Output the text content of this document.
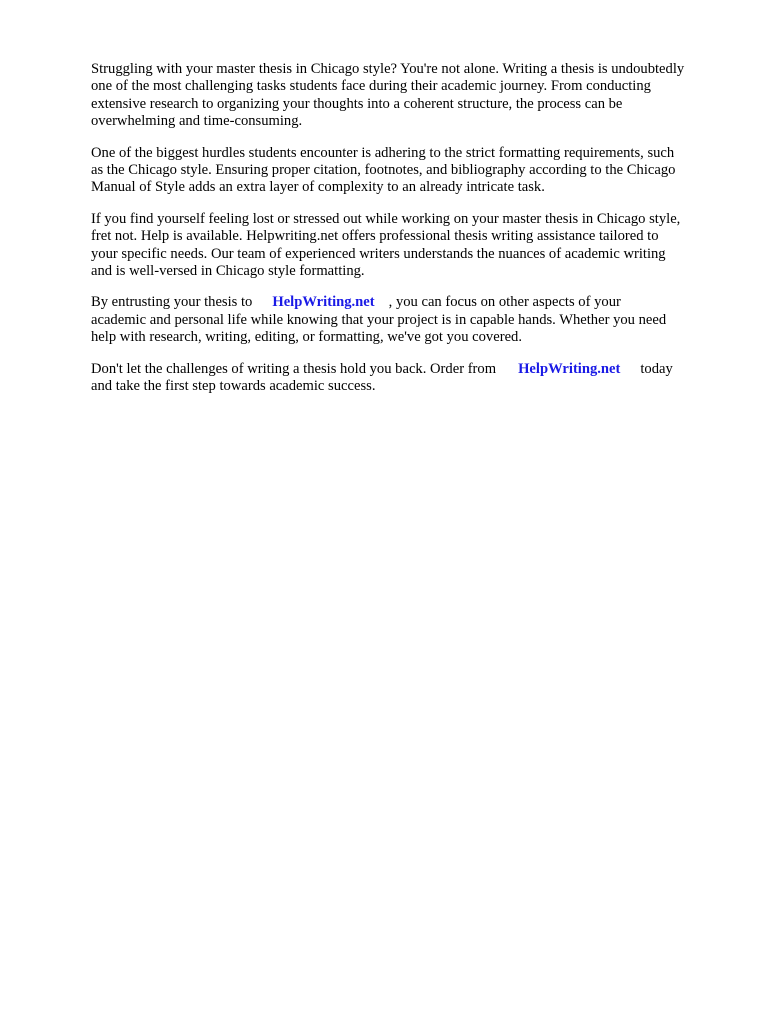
Struggling with your master thesis in Chicago style? You're not alone. Writing a thesis is undoubtedly
one of the most challenging tasks students face during their academic journey. From conducting
extensive research to organizing your thoughts into a coherent structure, the process can be
overwhelming and time-consuming.

One of the biggest hurdles students encounter is adhering to the strict formatting requirements, such
as the Chicago style. Ensuring proper citation, footnotes, and bibliography according to the Chicago
Manual of Style adds an extra layer of complexity to an already intricate task.

If you find yourself feeling lost or stressed out while working on your master thesis in Chicago style,
fret not. Help is available. Helpwriting.net offers professional thesis writing assistance tailored to
your specific needs. Our team of experienced writers understands the nuances of academic writing
and is well-versed in Chicago style formatting.

By entrusting your thesis to HelpWriting.net , you can focus on other aspects of your
academic and personal life while knowing that your project is in capable hands. Whether you need
help with research, writing, editing, or formatting, we've got you covered.

Don't let the challenges of writing a thesis hold you back. Order from HelpWriting.net today
and take the first step towards academic success.
